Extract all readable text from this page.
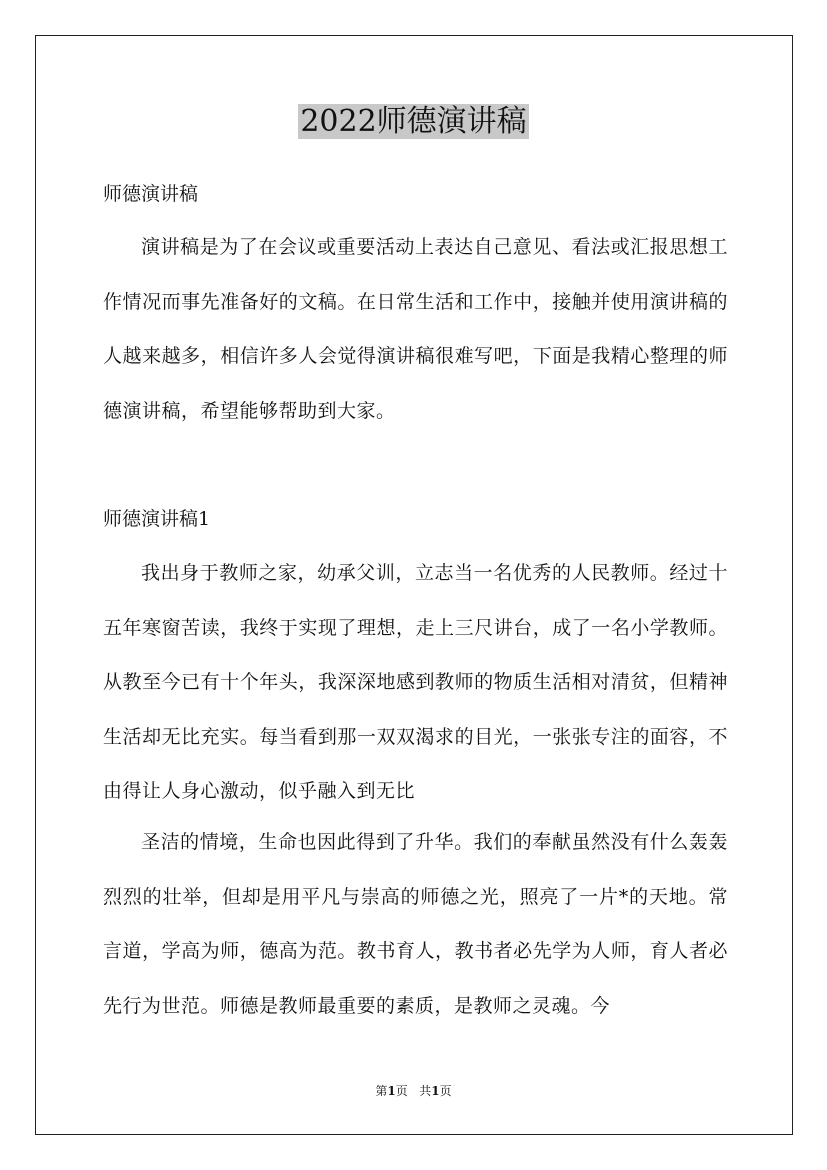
2022师德演讲稿
师德演讲稿
演讲稿是为了在会议或重要活动上表达自己意见、看法或汇报思想工作情况而事先准备好的文稿。在日常生活和工作中，接触并使用演讲稿的人越来越多，相信许多人会觉得演讲稿很难写吧，下面是我精心整理的师德演讲稿，希望能够帮助到大家。
师德演讲稿1
我出身于教师之家，幼承父训，立志当一名优秀的人民教师。经过十五年寒窗苦读，我终于实现了理想，走上三尺讲台，成了一名小学教师。从教至今已有十个年头，我深深地感到教师的物质生活相对清贫，但精神生活却无比充实。每当看到那一双双渴求的目光，一张张专注的面容，不由得让人身心激动，似乎融入到无比
圣洁的情境，生命也因此得到了升华。我们的奉献虽然没有什么轰轰烈烈的壮举，但却是用平凡与崇高的师德之光，照亮了一片*的天地。常言道，学高为师，德高为范。教书育人，教书者必先学为人师，育人者必先行为世范。师德是教师最重要的素质，是教师之灵魂。今
第1页   共1页
